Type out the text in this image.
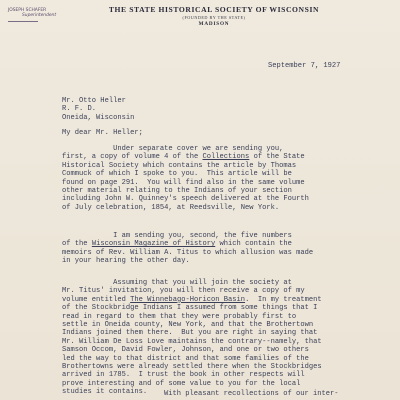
JOSEPH SCHAFER
Superintendent
THE STATE HISTORICAL SOCIETY OF WISCONSIN
(FOUNDED BY THE STATE)
MADISON
September 7, 1927
Mr. Otto Heller
R. F. D.
Oneida, Wisconsin
My dear Mr. Heller;
Under separate cover we are sending you,
first, a copy of volume 4 of the Collections of the State
Historical Society which contains the article by Thomas
Commuck of which I spoke to you.  This article will be
found on page 291.  You will find also in the same volume
other material relating to the Indians of your section
including John W. Quinney's speech delivered at the Fourth
of July celebration, 1854, at Reedsville, New York.
I am sending you, second, the five numbers
of the Wisconsin Magazine of History which contain the
memoirs of Rev. William A. Titus to which allusion was made
in your hearing the other day.
Assuming that you will join the society at
Mr. Titus' invitation, you will then receive a copy of my
volume entitled The Winnebago-Horicon Basin.  In my treatment
of the Stockbridge Indians I assumed from some things that I
read in regard to them that they were probably first to
settle in Oneida county, New York, and that the Brothertown
Indians joined them there.  But you are right in saying that
Mr. William De Loss Love maintains the contrary--namely, that
Samson Occom, David Fowler, Johnson, and one or two others
led the way to that district and that some families of the
Brothertowns were already settled there when the Stockbridges
arrived in 1785.  I trust the book in other respects will
prove interesting and of some value to you for the local
studies it contains.	With pleasant recollections of our inter-
